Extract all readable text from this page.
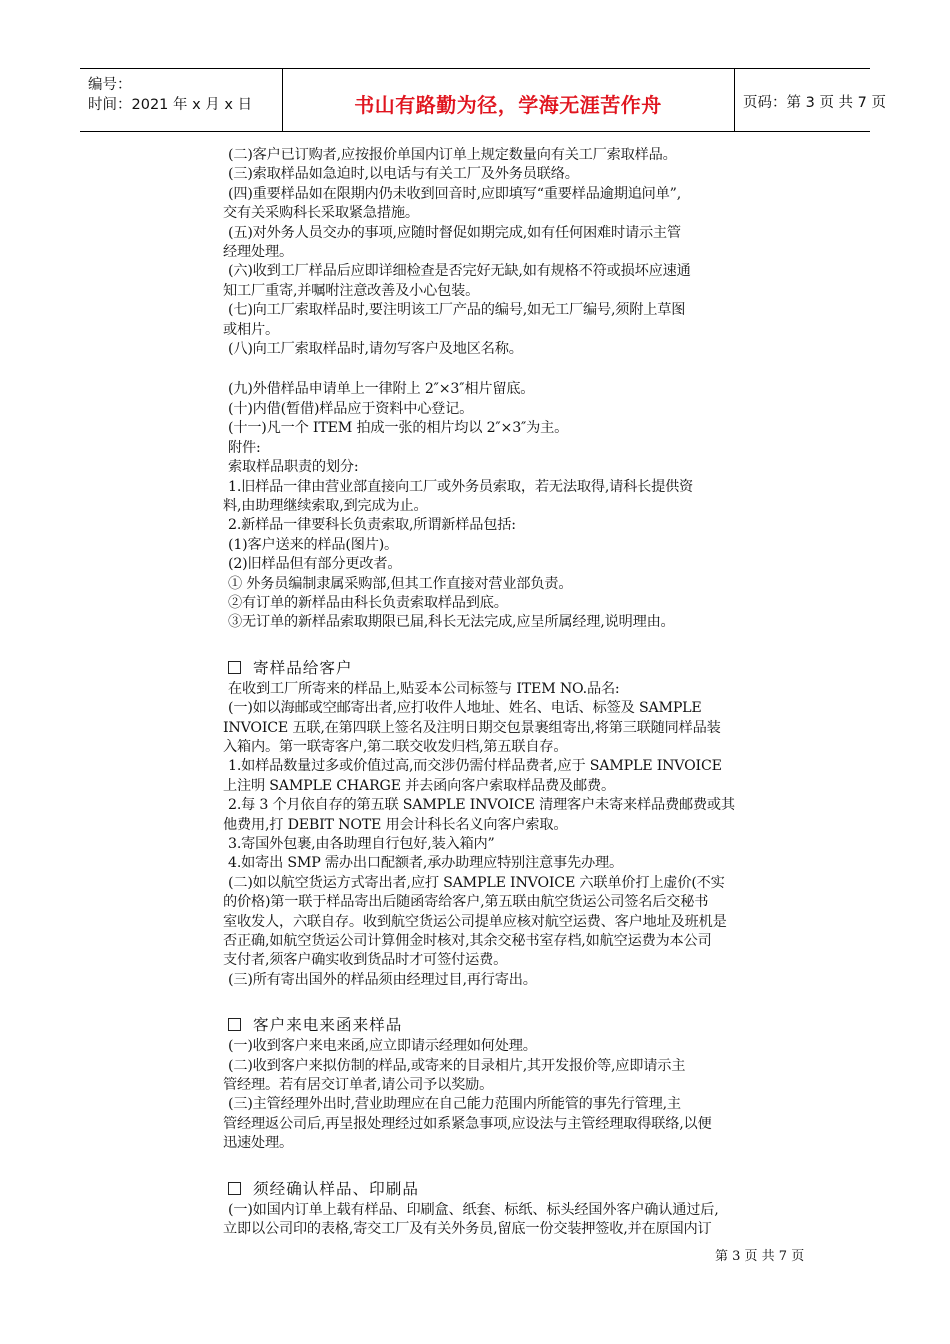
编号：
时间：2021 年 x 月 x 日	书山有路勤为径，学海无涯苦作舟	页码：第 3 页 共 7 页
(二)客户已订购者,应按报价单国内订单上规定数量向有关工厂索取样品。
(三)索取样品如急迫时,以电话与有关工厂及外务员联络。
(四)重要样品如在限期内仍未收到回音时,应即填写“重要样品逾期追问单”,
交有关采购科长采取紧急措施。
(五)对外务人员交办的事项,应随时督促如期完成,如有任何困难时请示主管
经理处理。
(六)收到工厂样品后应即详细检查是否完好无缺,如有规格不符或损坏应速通
知工厂重寄,并嘱咐注意改善及小心包装。
(七)向工厂索取样品时,要注明该工厂产品的编号,如无工厂编号,须附上草图
或相片。
(八)向工厂索取样品时,请勿写客户及地区名称。
(九)外借样品申请单上一律附上 2″×3″相片留底。
(十)内借(暂借)样品应于资料中心登记。
(十一)凡一个 ITEM 拍成一张的相片均以 2″×3″为主。
附件:
索取样品职责的划分:
1.旧样品一律由营业部直接向工厂或外务员索取，若无法取得,请科长提供资
料,由助理继续索取,到完成为止。
2.新样品一律要科长负责索取,所谓新样品包括:
(1)客户送来的样品(图片)。
(2)旧样品但有部分更改者。
① 外务员编制隶属采购部,但其工作直接对营业部负责。
②有订单的新样品由科长负责索取样品到底。
③无订单的新样品索取期限已届,科长无法完成,应呈所属经理,说明理由。
寄样品给客户
在收到工厂所寄来的样品上,贴妥本公司标签与 ITEM NO.品名:
(一)如以海邮或空邮寄出者,应打收件人地址、姓名、电话、标签及 SAMPLE
INVOICE 五联,在第四联上签名及注明日期交包景裹组寄出,将第三联随同样品装
入箱内。第一联寄客户,第二联交收发归档,第五联自存。
1.如样品数量过多或价值过高,而交涉仍需付样品费者,应于 SAMPLE INVOICE
上注明 SAMPLE CHARGE 并去函向客户索取样品费及邮费。
2.每 3 个月依自存的第五联 SAMPLE INVOICE 清理客户未寄来样品费邮费或其
他费用,打 DEBIT NOTE 用会计科长名义向客户索取。
3.寄国外包裹,由各助理自行包好,装入箱内”
4.如寄出 SMP 需办出口配额者,承办助理应特别注意事先办理。
(二)如以航空货运方式寄出者,应打 SAMPLE INVOICE 六联单价打上虚价(不实
的价格)第一联于样品寄出后随函寄给客户,第五联由航空货运公司签名后交秘书
室收发人，六联自存。收到航空货运公司提单应核对航空运费、客户地址及班机是
否正确,如航空货运公司计算佣金时核对,其余交秘书室存档,如航空运费为本公司
支付者,须客户确实收到货品时才可签付运费。
(三)所有寄出国外的样品须由经理过目,再行寄出。
客户来电来函来样品
(一)收到客户来电来函,应立即请示经理如何处理。
(二)收到客户来拟仿制的样品,或寄来的目录相片,其开发报价等,应即请示主
管经理。若有居交订单者,请公司予以奖励。
(三)主管经理外出时,营业助理应在自己能力范围内所能管的事先行管理,主
管经理返公司后,再呈报处理经过如系紧急事项,应设法与主管经理取得联络,以便
迅速处理。
须经确认样品、印刷品
(一)如国内订单上载有样品、印刷盒、纸套、标纸、标头经国外客户确认通过后,
立即以公司印的表格,寄交工厂及有关外务员,留底一份交装押签收,并在原国内订
第 3 页 共 7 页
